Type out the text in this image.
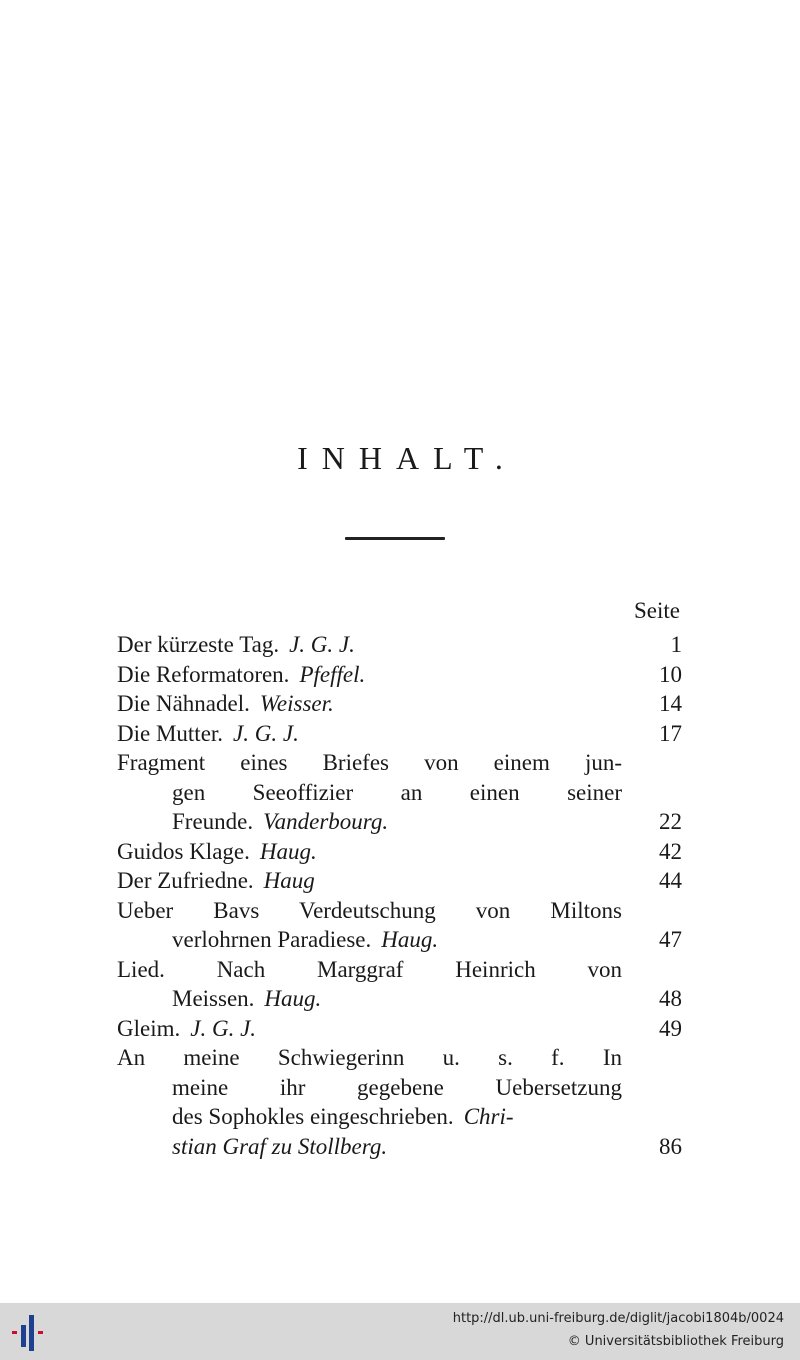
INHALT.
Seite
Der kürzeste Tag. J. G. J.	1
Die Reformatoren. Pfeffel.	10
Die Nähnadel. Weisser.	14
Die Mutter. J. G. J.	17
Fragment eines Briefes von einem jun-
gen Seeoffizier an einen seiner
Freunde. Vanderbourg.	22
Guidos Klage. Haug.	42
Der Zufriedne. Haug	44
Ueber Bavs Verdeutschung von Miltons
verlohrnen Paradiese. Haug.	47
Lied. Nach Marggraf Heinrich von
Meissen. Haug.	48
Gleim. J. G. J.	49
An meine Schwiegerinn u. s. f. In
meine ihr gegebene Uebersetzung
des Sophokles eingeschrieben. Chri-
stian Graf zu Stollberg.	86
http://dl.ub.uni-freiburg.de/diglit/jacobi1804b/0024
© Universitätsbibliothek Freiburg
